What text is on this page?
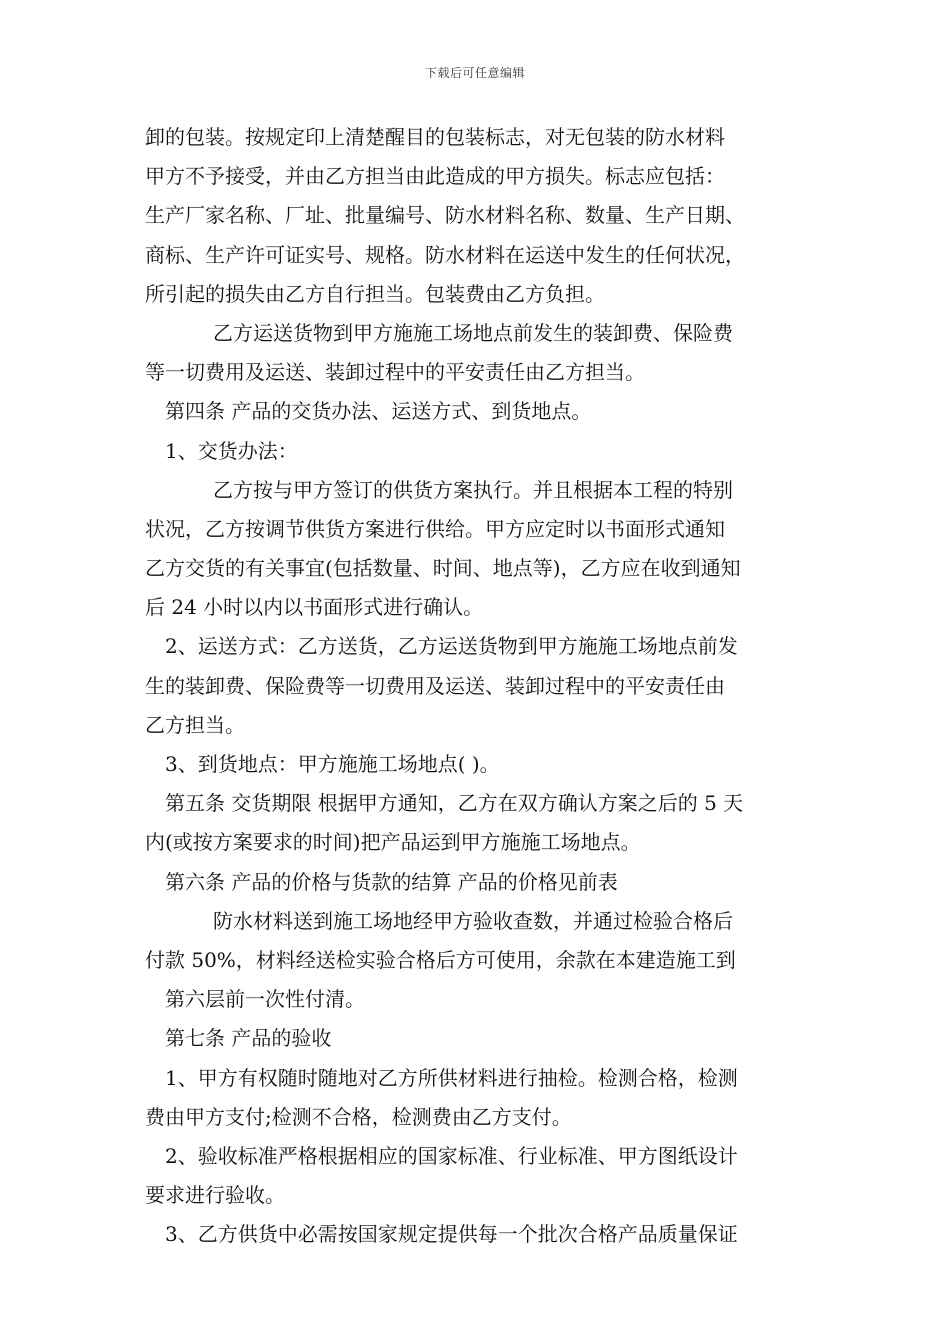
下载后可任意编辑
卸的包装。按规定印上清楚醒目的包装标志，对无包装的防水材料
甲方不予接受，并由乙方担当由此造成的甲方损失。标志应包括：
生产厂家名称、厂址、批量编号、防水材料名称、数量、生产日期、
商标、生产许可证实号、规格。防水材料在运送中发生的任何状况，
所引起的损失由乙方自行担当。包装费由乙方负担。
乙方运送货物到甲方施施工场地点前发生的装卸费、保险费
等一切费用及运送、装卸过程中的平安责任由乙方担当。
第四条 产品的交货办法、运送方式、到货地点。
1、交货办法：
乙方按与甲方签订的供货方案执行。并且根据本工程的特别
状况，乙方按调节供货方案进行供给。甲方应定时以书面形式通知
乙方交货的有关事宜(包括数量、时间、地点等)，乙方应在收到通知
后 24 小时以内以书面形式进行确认。
2、运送方式：乙方送货，乙方运送货物到甲方施施工场地点前发
生的装卸费、保险费等一切费用及运送、装卸过程中的平安责任由
乙方担当。
3、到货地点：甲方施施工场地点( )。
第五条 交货期限 根据甲方通知，乙方在双方确认方案之后的 5 天
内(或按方案要求的时间)把产品运到甲方施施工场地点。
第六条 产品的价格与货款的结算 产品的价格见前表
防水材料送到施工场地经甲方验收查数，并通过检验合格后
付款 50%，材料经送检实验合格后方可使用，余款在本建造施工到
第六层前一次性付清。
第七条 产品的验收
1、甲方有权随时随地对乙方所供材料进行抽检。检测合格，检测
费由甲方支付;检测不合格，检测费由乙方支付。
2、验收标准严格根据相应的国家标准、行业标准、甲方图纸设计
要求进行验收。
3、乙方供货中必需按国家规定提供每一个批次合格产品质量保证
